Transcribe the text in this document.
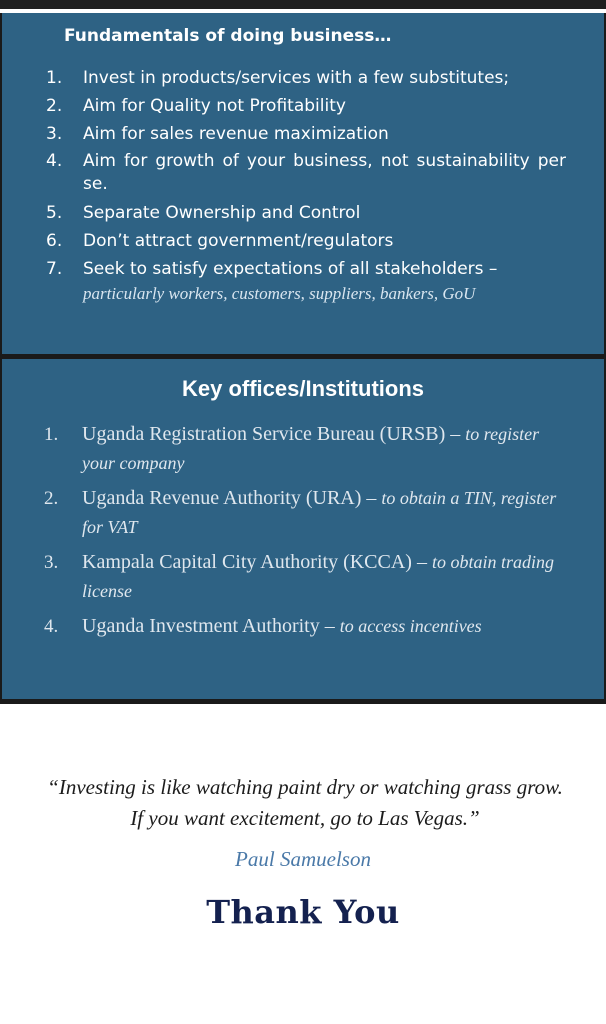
Fundamentals of doing business…
1. Invest in products/services with a few substitutes;
2. Aim for Quality not Profitability
3. Aim for sales revenue maximization
4. Aim for growth of your business, not sustainability per se.
5. Separate Ownership and Control
6. Don’t attract government/regulators
7. Seek to satisfy expectations of all stakeholders –
particularly workers, customers, suppliers, bankers, GoU
Key offices/Institutions
1. Uganda Registration Service Bureau (URSB) – to register your company
2. Uganda Revenue Authority (URA) – to obtain a TIN, register for VAT
3. Kampala Capital City Authority (KCCA) – to obtain trading license
4. Uganda Investment Authority – to access incentives
“Investing is like watching paint dry or watching grass grow. If you want excitement, go to Las Vegas.”
Paul Samuelson
Thank You
